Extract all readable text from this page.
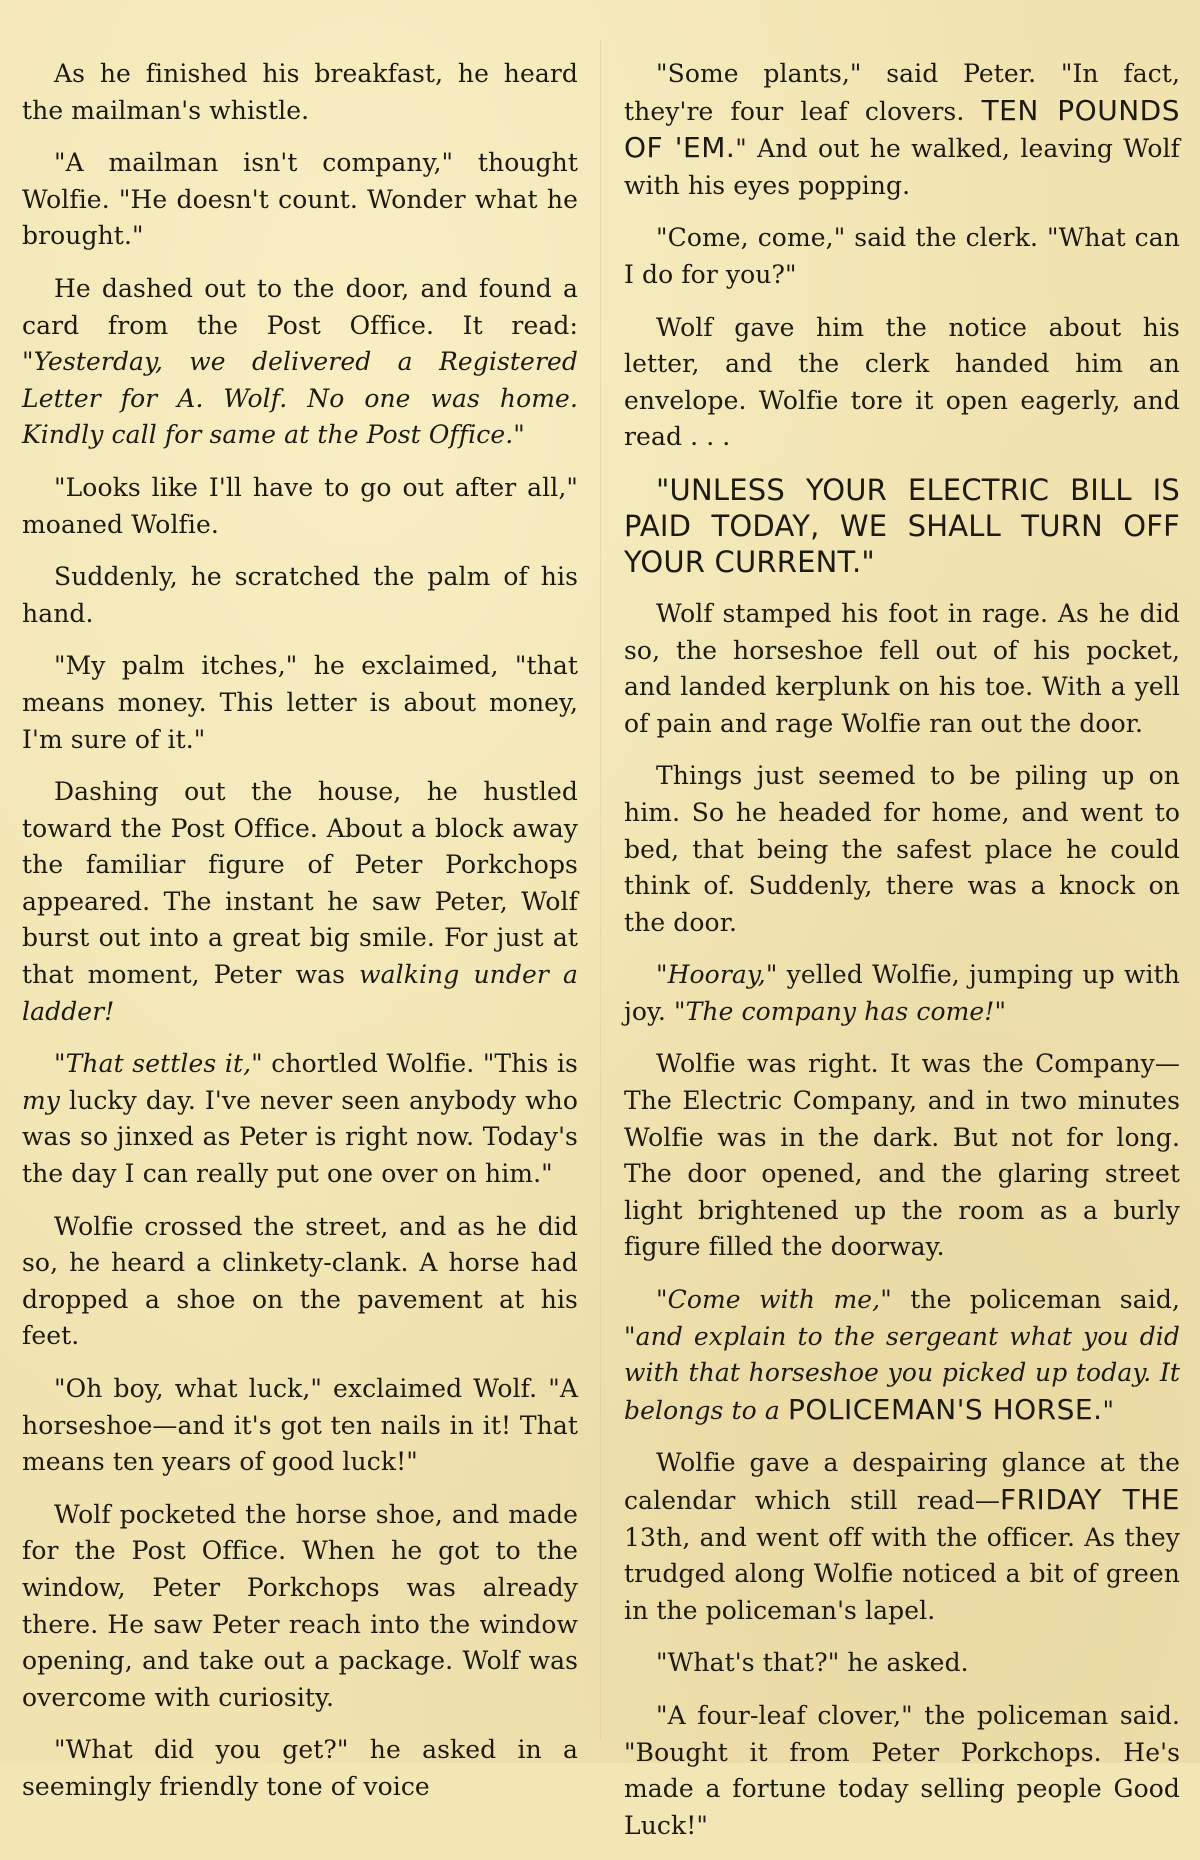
As he finished his breakfast, he heard the mailman's whistle.

"A mailman isn't company," thought Wolfie. "He doesn't count. Wonder what he brought."

He dashed out to the door, and found a card from the Post Office. It read: "Yesterday, we delivered a Registered Letter for A. Wolf. No one was home. Kindly call for same at the Post Office."

"Looks like I'll have to go out after all," moaned Wolfie.

Suddenly, he scratched the palm of his hand.

"My palm itches," he exclaimed, "that means money. This letter is about money, I'm sure of it."

Dashing out the house, he hustled toward the Post Office. About a block away the familiar figure of Peter Porkchops appeared. The instant he saw Peter, Wolf burst out into a great big smile. For just at that moment, Peter was walking under a ladder!

"That settles it," chortled Wolfie. "This is my lucky day. I've never seen anybody who was so jinxed as Peter is right now. Today's the day I can really put one over on him."

Wolfie crossed the street, and as he did so, he heard a clinkety-clank. A horse had dropped a shoe on the pavement at his feet.

"Oh boy, what luck," exclaimed Wolf. "A horseshoe—and it's got ten nails in it! That means ten years of good luck!"

Wolf pocketed the horse shoe, and made for the Post Office. When he got to the window, Peter Porkchops was already there. He saw Peter reach into the window opening, and take out a package. Wolf was overcome with curiosity.

"What did you get?" he asked in a seemingly friendly tone of voice

"Some plants," said Peter. "In fact, they're four leaf clovers. TEN POUNDS OF 'EM." And out he walked, leaving Wolf with his eyes popping.

"Come, come," said the clerk. "What can I do for you?"

Wolf gave him the notice about his letter, and the clerk handed him an envelope. Wolfie tore it open eagerly, and read . . .

"UNLESS YOUR ELECTRIC BILL IS PAID TODAY, WE SHALL TURN OFF YOUR CURRENT."

Wolf stamped his foot in rage. As he did so, the horseshoe fell out of his pocket, and landed kerplunk on his toe. With a yell of pain and rage Wolfie ran out the door.

Things just seemed to be piling up on him. So he headed for home, and went to bed, that being the safest place he could think of. Suddenly, there was a knock on the door.

"Hooray," yelled Wolfie, jumping up with joy. "The company has come!"

Wolfie was right. It was the Company—The Electric Company, and in two minutes Wolfie was in the dark. But not for long. The door opened, and the glaring street light brightened up the room as a burly figure filled the doorway.

"Come with me," the policeman said, "and explain to the sergeant what you did with that horseshoe you picked up today. It belongs to a POLICEMAN'S HORSE."

Wolfie gave a despairing glance at the calendar which still read—FRIDAY THE 13th, and went off with the officer. As they trudged along Wolfie noticed a bit of green in the policeman's lapel.

"What's that?" he asked.

"A four-leaf clover," the policeman said. "Bought it from Peter Porkchops. He's made a fortune today selling people Good Luck!"
